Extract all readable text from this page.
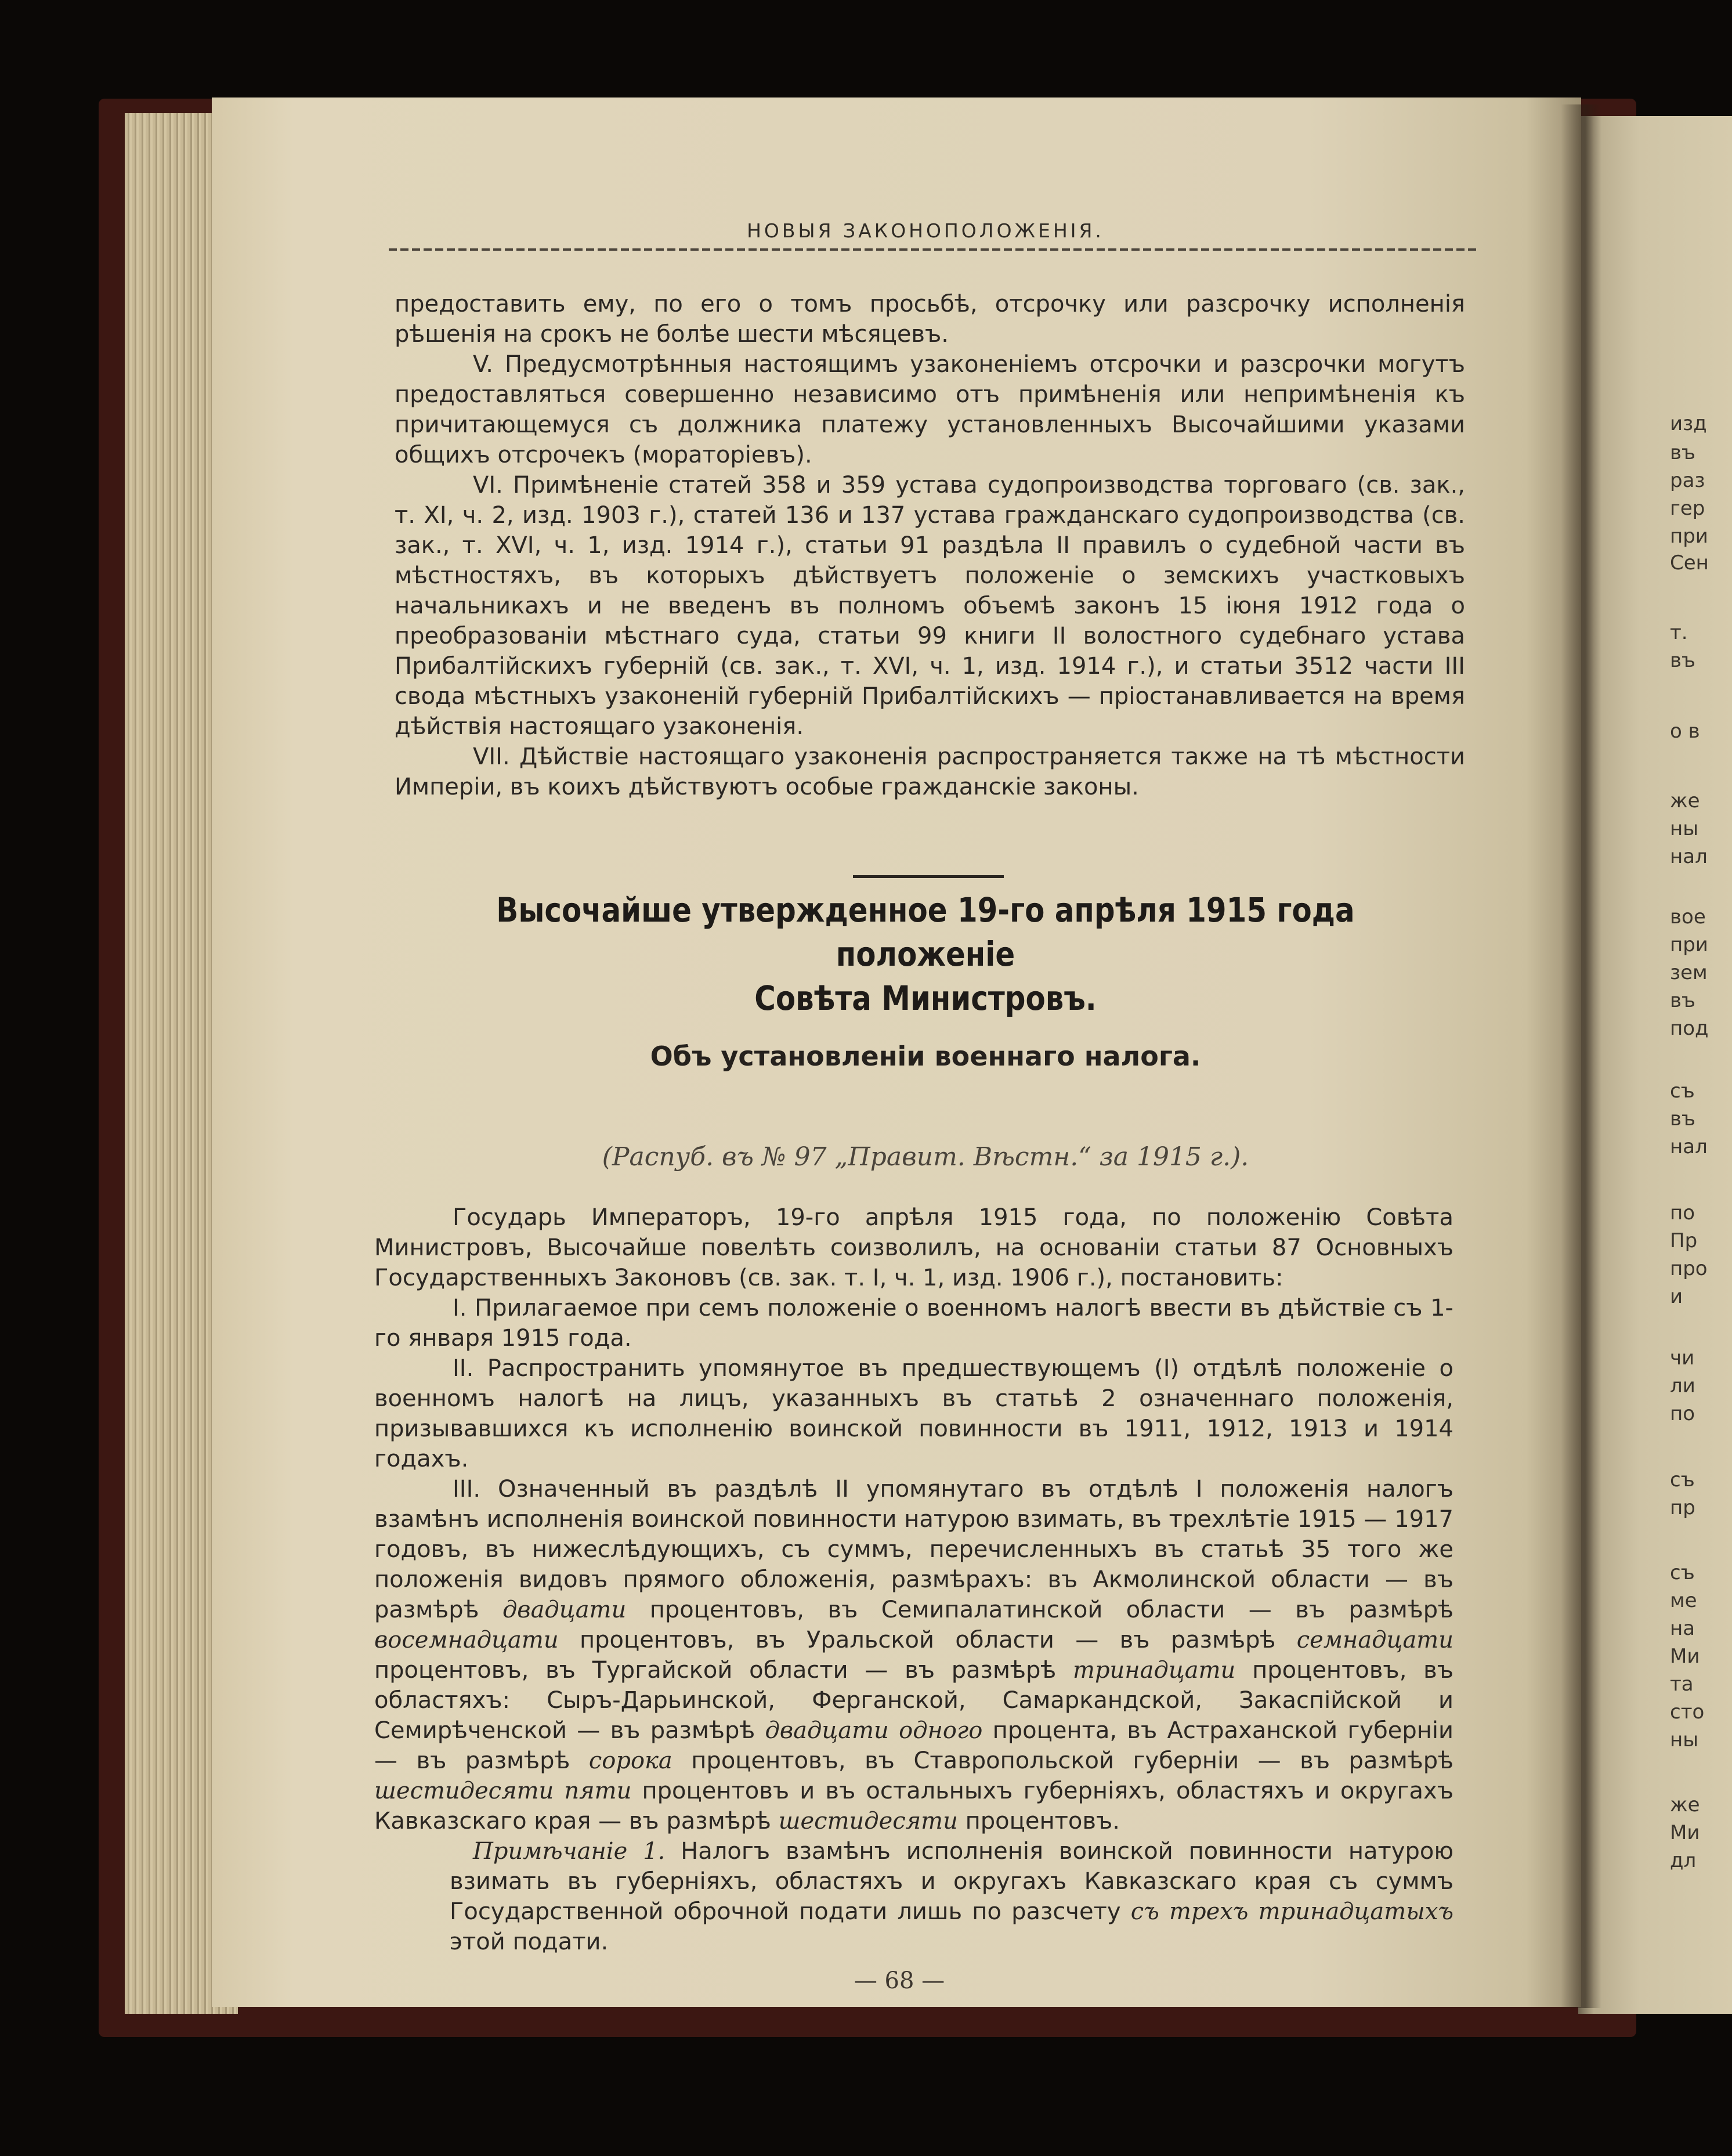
НОВЫЯ ЗАКОНОПОЛОЖЕНІЯ.

предоставить ему, по его о томъ просьбѣ, отсрочку или разсрочку исполненія рѣшенія на срокъ не болѣе шести мѣсяцевъ.

V. Предусмотрѣнныя настоящимъ узаконеніемъ отсрочки и разсрочки могутъ предоставляться совершенно независимо отъ примѣненія или непримѣненія къ причитающемуся съ должника платежу установленныхъ Высочайшими указами общихъ отсрочекъ (мораторіевъ).

VI. Примѣненіе статей 358 и 359 устава судопроизводства торговаго (св. зак., т. XI, ч. 2, изд. 1903 г.), статей 136 и 137 устава гражданскаго судопроизводства (св. зак., т. XVI, ч. 1, изд. 1914 г.), статьи 91 раздѣла II правилъ о судебной части въ мѣстностяхъ, въ которыхъ дѣйствуетъ положеніе о земскихъ участковыхъ начальникахъ и не введенъ въ полномъ объемѣ законъ 15 іюня 1912 года о преобразованіи мѣстнаго суда, статьи 99 книги II волостного судебнаго устава Прибалтійскихъ губерній (св. зак., т. XVI, ч. 1, изд. 1914 г.), и статьи 3512 части III свода мѣстныхъ узаконеній губерній Прибалтійскихъ — пріостанавливается на время дѣйствія настоящаго узаконенія.

VII. Дѣйствіе настоящаго узаконенія распространяется также на тѣ мѣстности Имперіи, въ коихъ дѣйствуютъ особые гражданскіе законы.

Высочайше утвержденное 19-го апрѣля 1915 года положеніе
Совѣта Министровъ.
Объ установленіи военнаго налога.
(Распуб. въ № 97 „Правит. Вѣстн.“ за 1915 г.).

Государь Императоръ, 19-го апрѣля 1915 года, по положенію Совѣта Министровъ, Высочайше повелѣть соизволилъ, на основаніи статьи 87 Основныхъ Государственныхъ Законовъ (св. зак. т. I, ч. 1, изд. 1906 г.), постановить:

I. Прилагаемое при семъ положеніе о военномъ налогѣ ввести въ дѣйствіе съ 1-го января 1915 года.

II. Распространить упомянутое въ предшествующемъ (I) отдѣлѣ положеніе о военномъ налогѣ на лицъ, указанныхъ въ статьѣ 2 означеннаго положенія, призывавшихся къ исполненію воинской повинности въ 1911, 1912, 1913 и 1914 годахъ.

III. Означенный въ раздѣлѣ II упомянутаго въ отдѣлѣ I положенія налогъ взамѣнъ исполненія воинской повинности натурою взимать, въ трехлѣтіе 1915 — 1917 годовъ, въ нижеслѣдующихъ, съ суммъ, перечисленныхъ въ статьѣ 35 того же положенія видовъ прямого обложенія, размѣрахъ: въ Акмолинской области — въ размѣрѣ двадцати процентовъ, въ Семипалатинской области — въ размѣрѣ восемнадцати процентовъ, въ Уральской области — въ размѣрѣ семнадцати процентовъ, въ Тургайской области — въ размѣрѣ тринадцати процентовъ, въ областяхъ: Сыръ-Дарьинской, Ферганской, Самаркандской, Закаспійской и Семирѣченской — въ размѣрѣ двадцати одного процента, въ Астраханской губерніи — въ размѣрѣ сорока процентовъ, въ Ставропольской губерніи — въ размѣрѣ шестидесяти пяти процентовъ и въ остальныхъ губерніяхъ, областяхъ и округахъ Кавказскаго края — въ размѣрѣ шестидесяти процентовъ.

Примѣчаніе 1. Налогъ взамѣнъ исполненія воинской повинности натурою взимать въ губерніяхъ, областяхъ и округахъ Кавказскаго края съ суммъ Государственной оброчной подати лишь по разсчету съ трехъ тринадцатыхъ этой подати.

— 68 —
изд
въ
раз
гер
при
Сен
т.
въ
о в
же
ны
нал
вое
при
зем
въ
под
съ
въ
нал
по
Пр
про
и
чи
ли
по
съ
пр
съ
ме
на
Ми
та
сто
ны
же
Ми
дл
